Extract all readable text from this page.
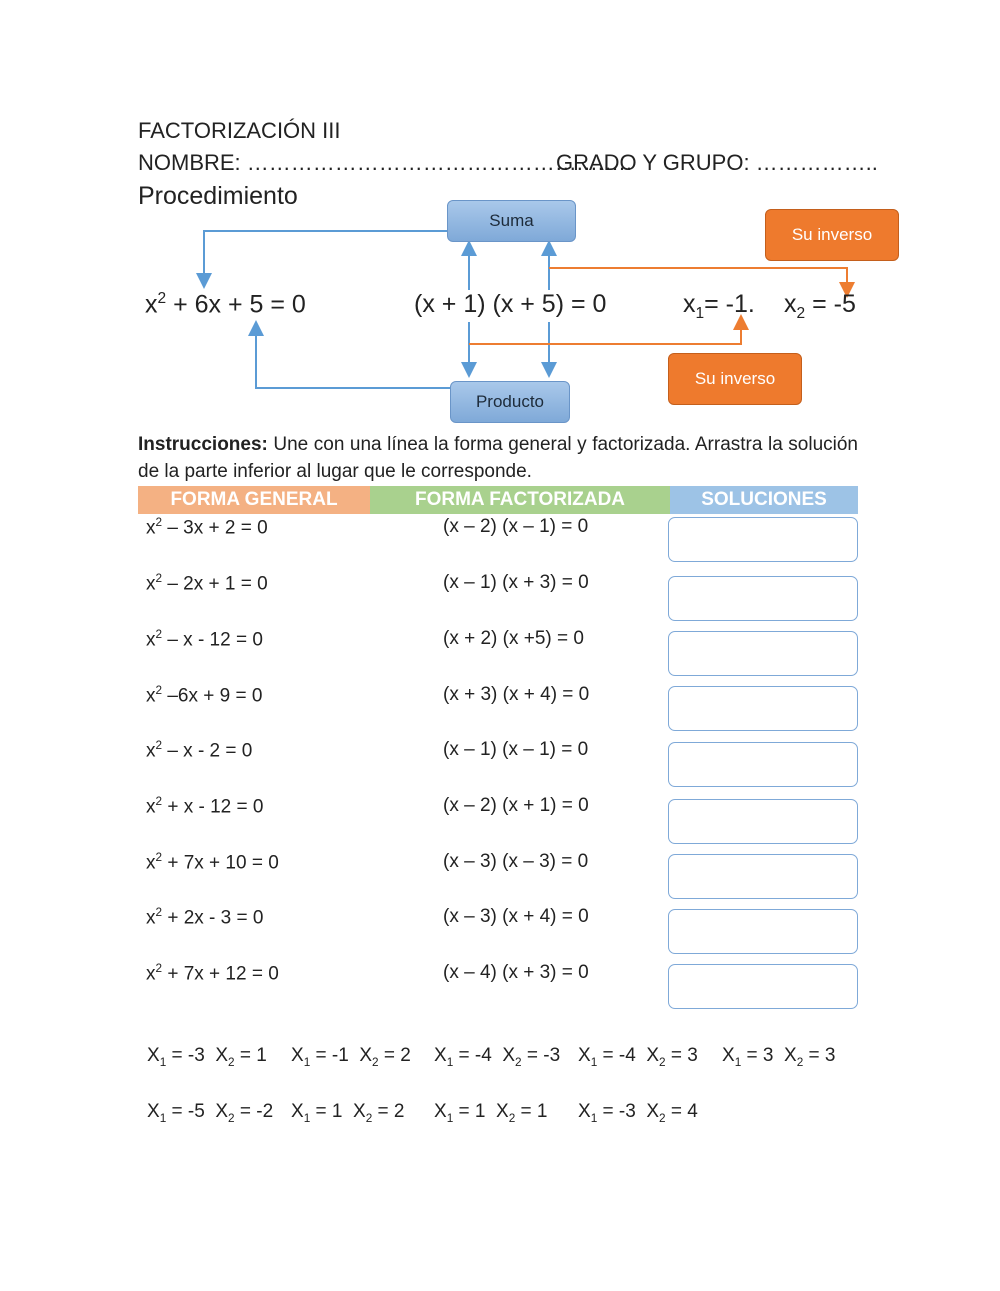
FACTORIZACIÓN III
NOMBRE: ……………………………………….….…
GRADO Y GRUPO: ……………..
Procedimiento
Suma
Producto
Su inverso
Su inverso
$x^2 + 6x + 5 = 0$	(x + 1) (x + 5) = 0	$x_1= -1$. $x_2 = -5$
Instrucciones: Une con una línea la forma general y factorizada. Arrastra la solución de la parte inferior al lugar que le corresponde.
FORMA GENERAL	FORMA FACTORIZADA	SOLUCIONES
$x^2 - 3x + 2 = 0$	(x – 2) (x – 1) = 0
$x^2 - 2x + 1 = 0$	(x – 1) (x + 3) = 0
$x^2 - x - 12 = 0$	(x + 2) (x +5) = 0
$x^2$ –6x + 9 = 0	(x + 3) (x + 4) = 0
$x^2 - x - 2 = 0$	(x – 1) (x – 1) = 0
$x^2 + x - 12 = 0$	(x – 2) (x + 1) = 0
$x^2 + 7x + 10 = 0$	(x – 3) (x – 3) = 0
$x^2 + 2x - 3 = 0$	(x – 3) (x + 4) = 0
$x^2 + 7x + 12 = 0$	(x – 4) (x + 3) = 0
$X_1 = -3$ $X_2 = 1$ $X_1 = -1$ $X_2 = 2$ $X_1 = -4$ $X_2 = -3$ $X_1 = -4$ $X_2 = 3$ $X_1 = 3$ $X_2 = 3$
$X_1 = -5$ $X_2 = -2$ $X_1 = 1$ $X_2 = 2$ $X_1 = 1$ $X_2 = 1$ $X_1 = -3$ $X_2 = 4$
